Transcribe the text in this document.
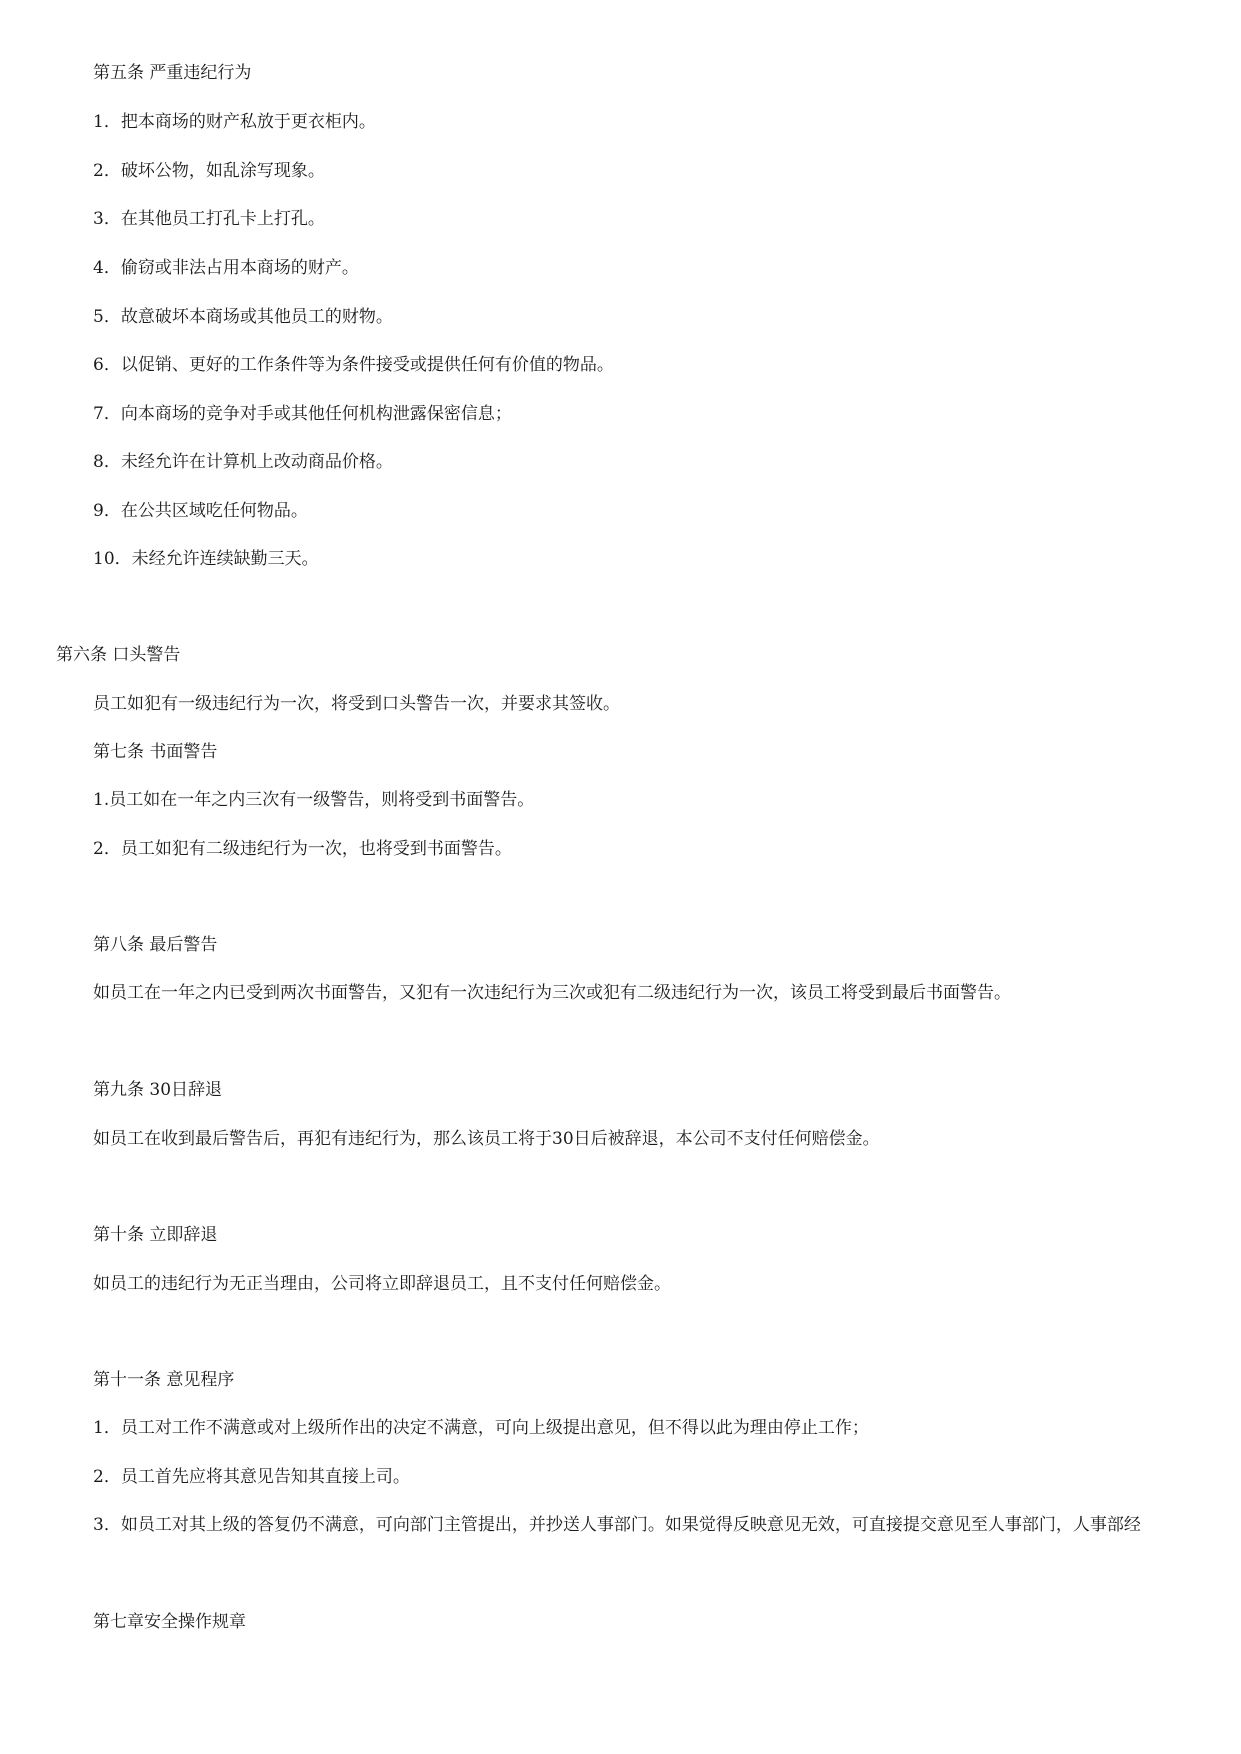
第五条 严重违纪行为

1．把本商场的财产私放于更衣柜内。

2．破坏公物，如乱涂写现象。

3．在其他员工打孔卡上打孔。

4．偷窃或非法占用本商场的财产。

5．故意破坏本商场或其他员工的财物。

6．以促销、更好的工作条件等为条件接受或提供任何有价值的物品。

7．向本商场的竞争对手或其他任何机构泄露保密信息；

8．未经允许在计算机上改动商品价格。

9．在公共区域吃任何物品。

10．未经允许连续缺勤三天。

第六条 口头警告

员工如犯有一级违纪行为一次，将受到口头警告一次，并要求其签收。

第七条 书面警告

1.员工如在一年之内三次有一级警告，则将受到书面警告。

2．员工如犯有二级违纪行为一次，也将受到书面警告。

第八条 最后警告

如员工在一年之内已受到两次书面警告，又犯有一次违纪行为三次或犯有二级违纪行为一次，该员工将受到最后书面警告。

第九条 30日辞退

如员工在收到最后警告后，再犯有违纪行为，那么该员工将于30日后被辞退，本公司不支付任何赔偿金。

第十条 立即辞退

如员工的违纪行为无正当理由，公司将立即辞退员工，且不支付任何赔偿金。

第十一条 意见程序

1．员工对工作不满意或对上级所作出的决定不满意，可向上级提出意见，但不得以此为理由停止工作；

2．员工首先应将其意见告知其直接上司。

3．如员工对其上级的答复仍不满意，可向部门主管提出，并抄送人事部门。如果觉得反映意见无效，可直接提交意见至人事部门，人事部经

第七章安全操作规章
